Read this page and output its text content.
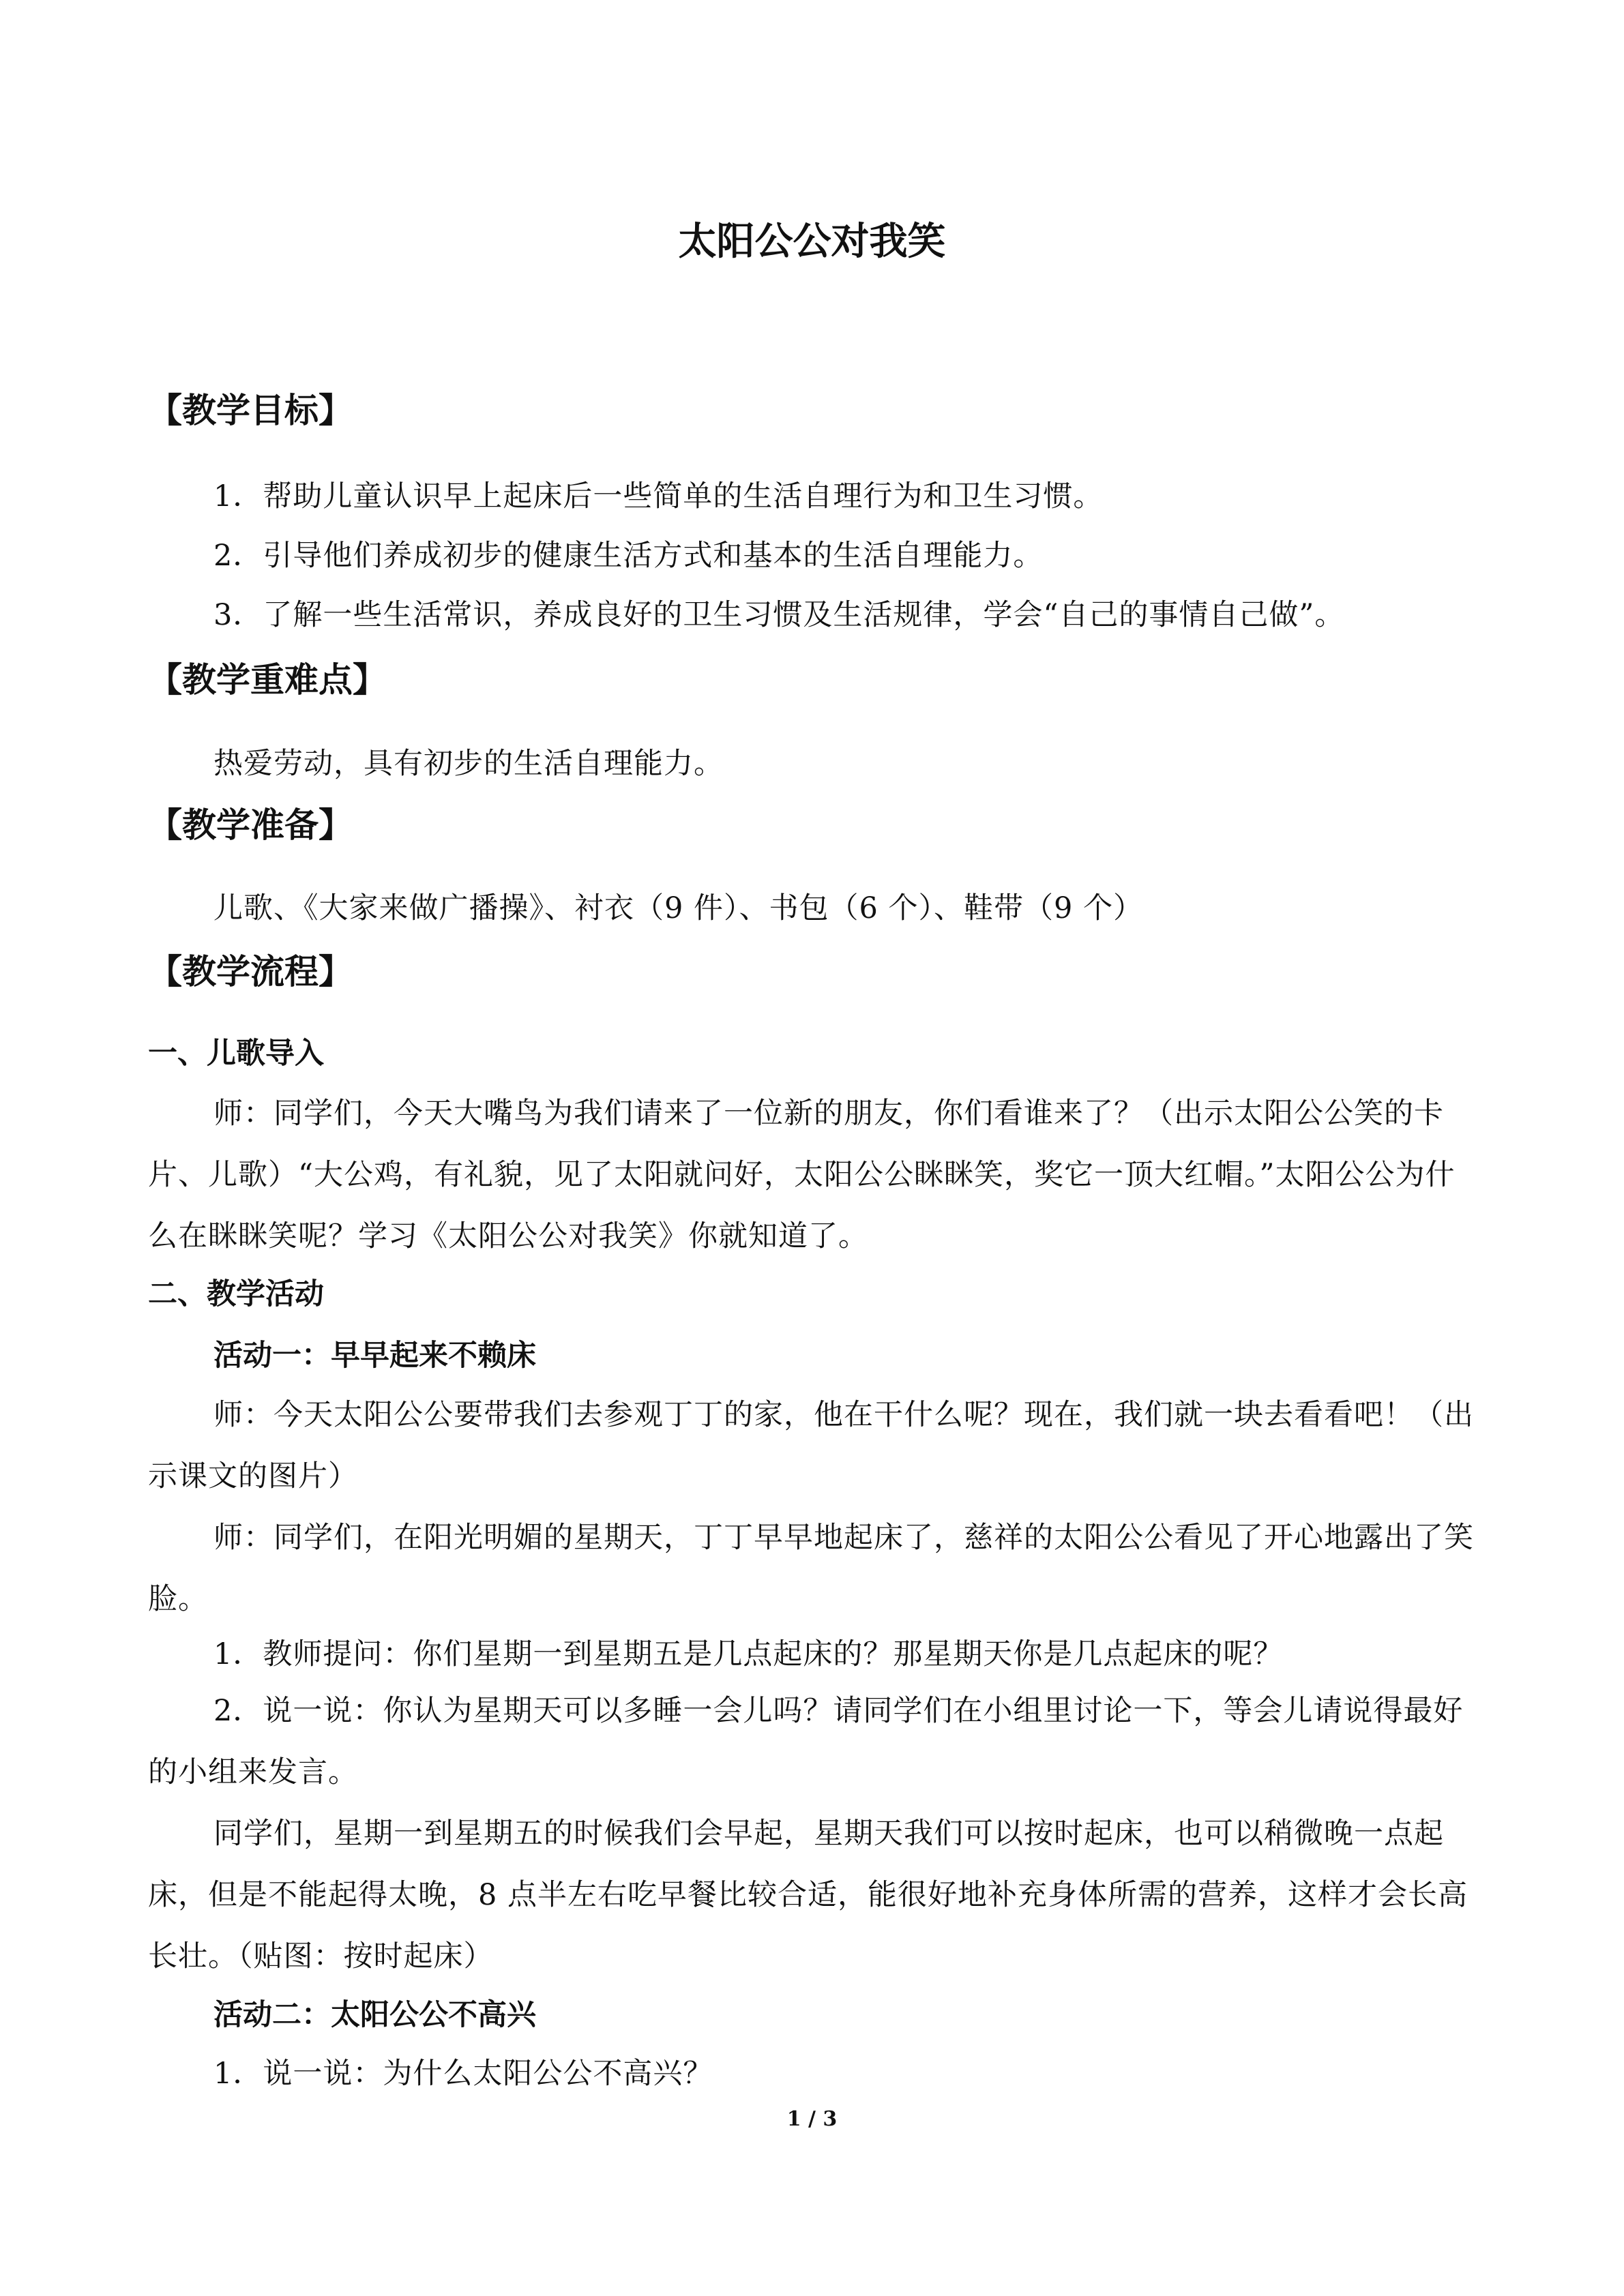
太阳公公对我笑
【教学目标】

1．帮助儿童认识早上起床后一些简单的生活自理行为和卫生习惯。

2．引导他们养成初步的健康生活方式和基本的生活自理能力。

3．了解一些生活常识，养成良好的卫生习惯及生活规律，学会“自己的事情自己做”。

【教学重难点】

热爱劳动，具有初步的生活自理能力。

【教学准备】

儿歌、《大家来做广播操》、衬衣（9 件）、书包（6 个）、鞋带（9 个）

【教学流程】
一、儿歌导入

师：同学们，今天大嘴鸟为我们请来了一位新的朋友，你们看谁来了？（出示太阳公公笑的卡片、儿歌）“大公鸡，有礼貌，见了太阳就问好，太阳公公眯眯笑，奖它一顶大红帽。”太阳公公为什么在眯眯笑呢？学习《太阳公公对我笑》你就知道了。

二、教学活动
活动一：早早起来不赖床

师：今天太阳公公要带我们去参观丁丁的家，他在干什么呢？现在，我们就一块去看看吧！（出示课文的图片）

师：同学们，在阳光明媚的星期天，丁丁早早地起床了，慈祥的太阳公公看见了开心地露出了笑脸。

1．教师提问：你们星期一到星期五是几点起床的？那星期天你是几点起床的呢？

2．说一说：你认为星期天可以多睡一会儿吗？请同学们在小组里讨论一下，等会儿请说得最好的小组来发言。

同学们，星期一到星期五的时候我们会早起，星期天我们可以按时起床，也可以稍微晚一点起床，但是不能起得太晚，8 点半左右吃早餐比较合适，能很好地补充身体所需的营养，这样才会长高长壮。（贴图：按时起床）

活动二：太阳公公不高兴

1．说一说：为什么太阳公公不高兴？

1 / 3
